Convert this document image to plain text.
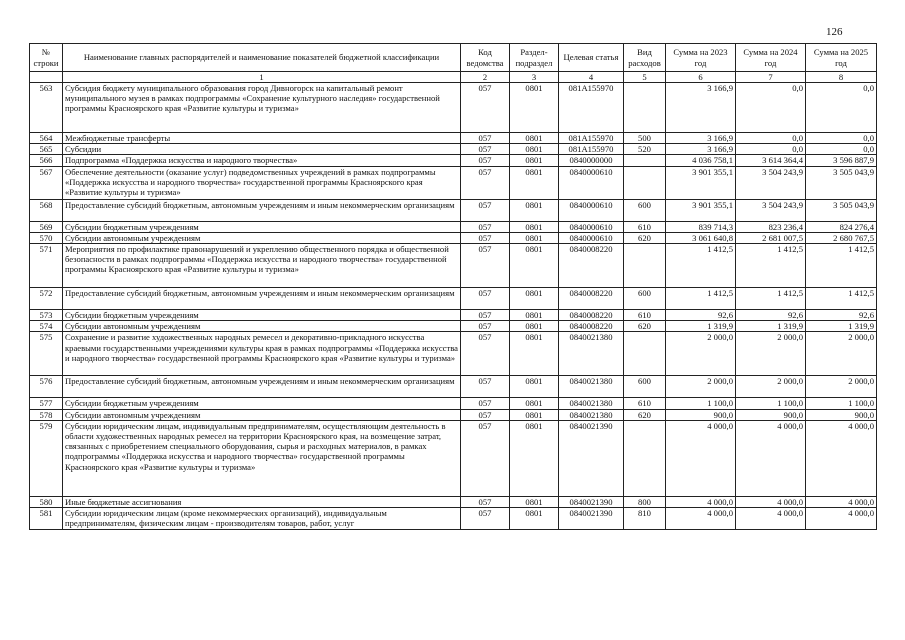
126
№ строки	Наименование главных распорядителей и наименование показателей бюджетной классификации	Код ведомства	Раздел-подраздел	Целевая статья	Вид расходов	Сумма на 2023 год	Сумма на 2024 год	Сумма на 2025 год
	1	2	3	4	5	6	7	8
563	Субсидия бюджету муниципального образования город Дивногорск на капитальный ремонт муниципального музея в рамках подпрограммы «Сохранение культурного наследия» государственной программы Красноярского края «Развитие культуры и туризма»	057	0801	081A155970		3 166,9	0,0	0,0
564	Межбюджетные трансферты	057	0801	081A155970	500	3 166,9	0,0	0,0
565	Субсидии	057	0801	081A155970	520	3 166,9	0,0	0,0
566	Подпрограмма «Поддержка искусства и народного творчества»	057	0801	0840000000		4 036 758,1	3 614 364,4	3 596 887,9
567	Обеспечение деятельности (оказание услуг) подведомственных учреждений в рамках подпрограммы «Поддержка искусства и народного творчества» государственной программы Красноярского края «Развитие культуры и туризма»	057	0801	0840000610		3 901 355,1	3 504 243,9	3 505 043,9
568	Предоставление субсидий бюджетным, автономным учреждениям и иным некоммерческим организациям	057	0801	0840000610	600	3 901 355,1	3 504 243,9	3 505 043,9
569	Субсидии бюджетным учреждениям	057	0801	0840000610	610	839 714,3	823 236,4	824 276,4
570	Субсидии автономным учреждениям	057	0801	0840000610	620	3 061 640,8	2 681 007,5	2 680 767,5
571	Мероприятия по профилактике правонарушений и укреплению общественного порядка и общественной безопасности в рамках подпрограммы «Поддержка искусства и народного творчества» государственной программы Красноярского края «Развитие культуры и туризма»	057	0801	0840008220		1 412,5	1 412,5	1 412,5
572	Предоставление субсидий бюджетным, автономным учреждениям и иным некоммерческим организациям	057	0801	0840008220	600	1 412,5	1 412,5	1 412,5
573	Субсидии бюджетным учреждениям	057	0801	0840008220	610	92,6	92,6	92,6
574	Субсидии автономным учреждениям	057	0801	0840008220	620	1 319,9	1 319,9	1 319,9
575	Сохранение и развитие художественных народных ремесел и декоративно-прикладного искусства краевыми государственными учреждениями культуры края в рамках подпрограммы «Поддержка искусства и народного творчества» государственной программы Красноярского края «Развитие культуры и туризма»	057	0801	0840021380		2 000,0	2 000,0	2 000,0
576	Предоставление субсидий бюджетным, автономным учреждениям и иным некоммерческим организациям	057	0801	0840021380	600	2 000,0	2 000,0	2 000,0
577	Субсидии бюджетным учреждениям	057	0801	0840021380	610	1 100,0	1 100,0	1 100,0
578	Субсидии автономным учреждениям	057	0801	0840021380	620	900,0	900,0	900,0
579	Субсидии юридическим лицам, индивидуальным предпринимателям, осуществляющим деятельность в области художественных народных ремесел на территории Красноярского края, на возмещение затрат, связанных с приобретением специального оборудования, сырья и расходных материалов, в рамках подпрограммы «Поддержка искусства и народного творчества» государственной программы Красноярского края «Развитие культуры и туризма»	057	0801	0840021390		4 000,0	4 000,0	4 000,0
580	Иные бюджетные ассигнования	057	0801	0840021390	800	4 000,0	4 000,0	4 000,0
581	Субсидии юридическим лицам (кроме некоммерческих организаций), индивидуальным предпринимателям, физическим лицам - производителям товаров, работ, услуг	057	0801	0840021390	810	4 000,0	4 000,0	4 000,0
